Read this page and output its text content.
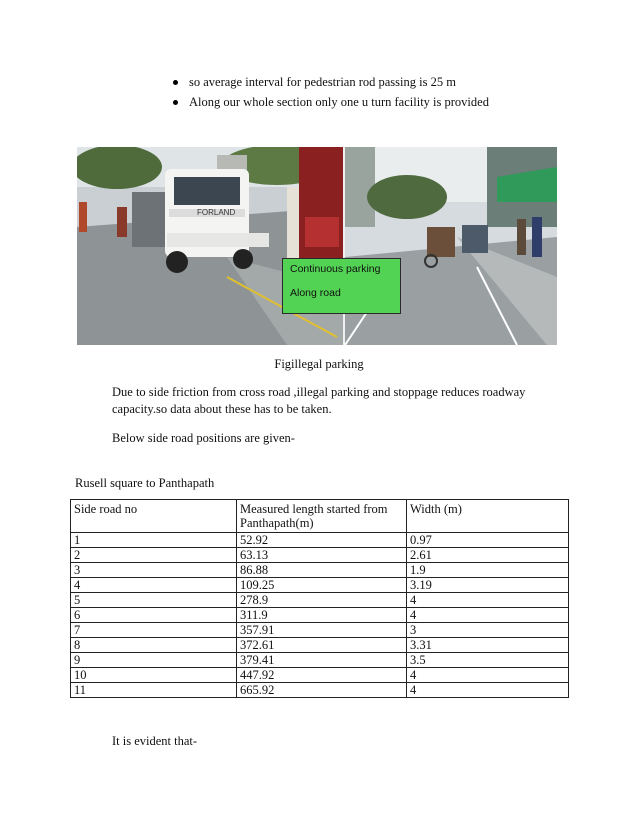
so average interval for pedestrian rod passing is 25 m
Along our whole section only one u turn facility is provided
FORLAND
Continuous parking
Along road
Figillegal parking
Due to side friction from cross road ,illegal parking and stoppage reduces roadway capacity.so data about these has to be taken.
Below side road positions are given-
Rusell square to Panthapath
Side road no	Measured length started from Panthapath(m)	Width (m)
1	52.92	0.97
2	63.13	2.61
3	86.88	1.9
4	109.25	3.19
5	278.9	4
6	311.9	4
7	357.91	3
8	372.61	3.31
9	379.41	3.5
10	447.92	4
11	665.92	4
It is evident that-
